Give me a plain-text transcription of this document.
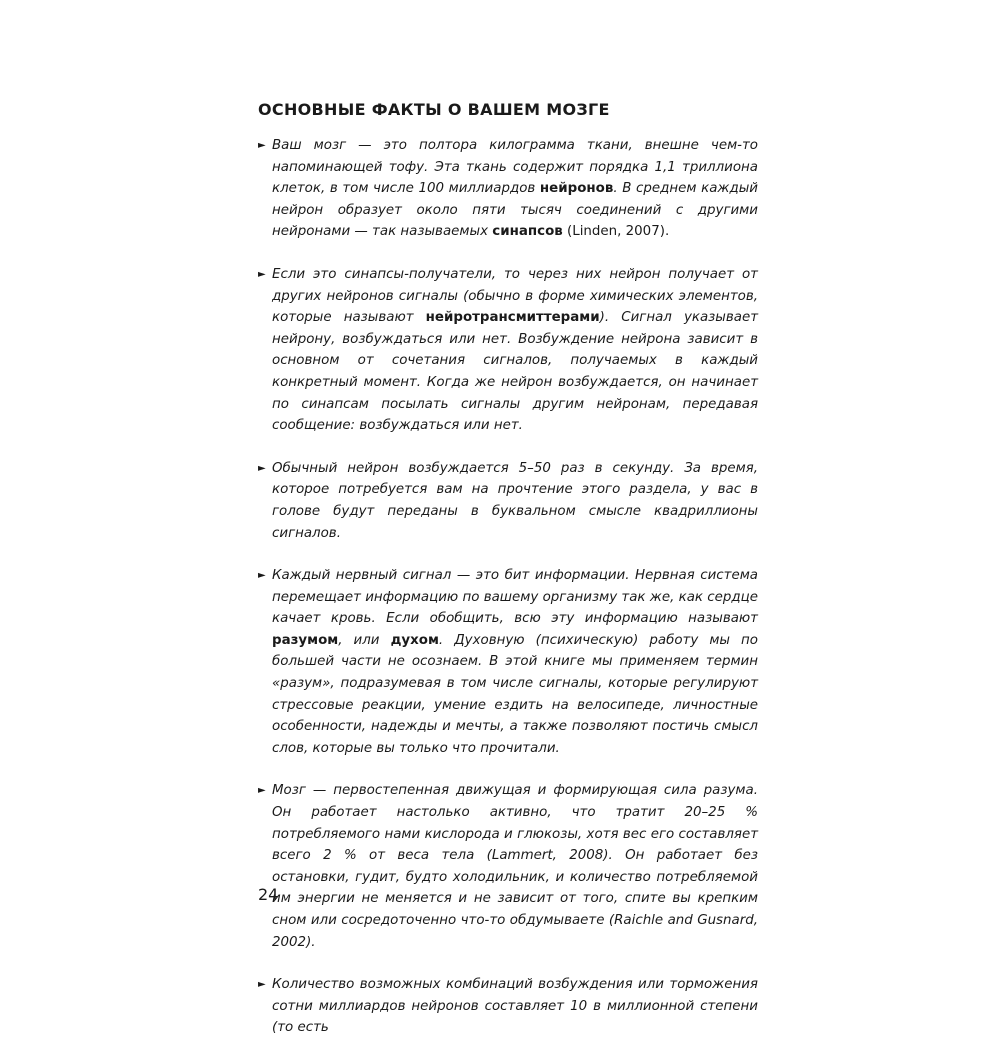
ОСНОВНЫЕ ФАКТЫ О ВАШЕМ МОЗГЕ
► Ваш мозг — это полтора килограмма ткани, внешне чем-то напоминающей тофу. Эта ткань содержит порядка 1,1 триллиона клеток, в том числе 100 миллиардов нейронов. В среднем каждый нейрон образует около пяти тысяч соединений с другими нейронами — так называемых синапсов (Linden, 2007).
► Если это синапсы-получатели, то через них нейрон получает от других нейронов сигналы (обычно в форме химических элементов, которые называют нейротрансмиттерами). Сигнал указывает нейрону, возбуждаться или нет. Возбуждение нейрона зависит в основном от сочетания сигналов, получаемых в каждый конкретный момент. Когда же нейрон возбуждается, он начинает по синапсам посылать сигналы другим нейронам, передавая сообщение: возбуждаться или нет.
► Обычный нейрон возбуждается 5–50 раз в секунду. За время, которое потребуется вам на прочтение этого раздела, у вас в голове будут переданы в буквальном смысле квадриллионы сигналов.
► Каждый нервный сигнал — это бит информации. Нервная система перемещает информацию по вашему организму так же, как сердце качает кровь. Если обобщить, всю эту информацию называют разумом, или духом. Духовную (психическую) работу мы по большей части не осознаем. В этой книге мы применяем термин «разум», подразумевая в том числе сигналы, которые регулируют стрессовые реакции, умение ездить на велосипеде, личностные особенности, надежды и мечты, а также позволяют постичь смысл слов, которые вы только что прочитали.
► Мозг — первостепенная движущая и формирующая сила разума. Он работает настолько активно, что тратит 20–25 % потребляемого нами кислорода и глюкозы, хотя вес его составляет всего 2 % от веса тела (Lammert, 2008). Он работает без остановки, гудит, будто холодильник, и количество потребляемой им энергии не меняется и не зависит от того, спите вы крепким сном или сосредоточенно что-то обдумываете (Raichle and Gusnard, 2002).
► Количество возможных комбинаций возбуждения или торможения сотни миллиардов нейронов составляет 10 в миллионной степени (то есть
24
